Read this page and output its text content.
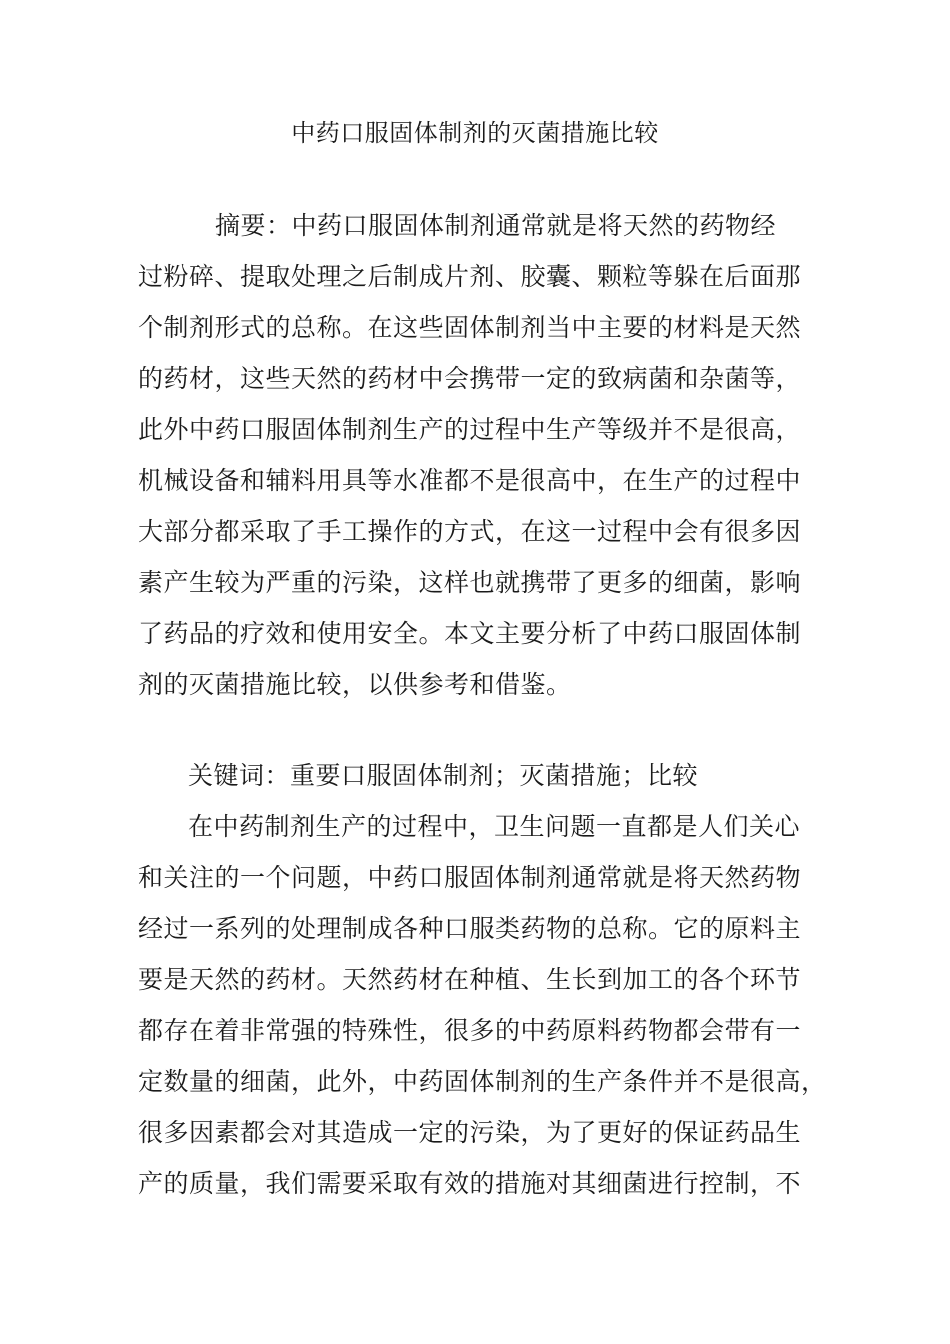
中药口服固体制剂的灭菌措施比较
摘要：中药口服固体制剂通常就是将天然的药物经
过粉碎、提取处理之后制成片剂、胶囊、颗粒等躲在后面那
个制剂形式的总称。在这些固体制剂当中主要的材料是天然
的药材，这些天然的药材中会携带一定的致病菌和杂菌等，
此外中药口服固体制剂生产的过程中生产等级并不是很高，
机械设备和辅料用具等水准都不是很高中，在生产的过程中
大部分都采取了手工操作的方式，在这一过程中会有很多因
素产生较为严重的污染，这样也就携带了更多的细菌，影响
了药品的疗效和使用安全。本文主要分析了中药口服固体制
剂的灭菌措施比较，以供参考和借鉴。
关键词：重要口服固体制剂；灭菌措施；比较
在中药制剂生产的过程中，卫生问题一直都是人们关心
和关注的一个问题，中药口服固体制剂通常就是将天然药物
经过一系列的处理制成各种口服类药物的总称。它的原料主
要是天然的药材。天然药材在种植、生长到加工的各个环节
都存在着非常强的特殊性，很多的中药原料药物都会带有一
定数量的细菌，此外，中药固体制剂的生产条件并不是很高，
很多因素都会对其造成一定的污染，为了更好的保证药品生
产的质量，我们需要采取有效的措施对其细菌进行控制，不
